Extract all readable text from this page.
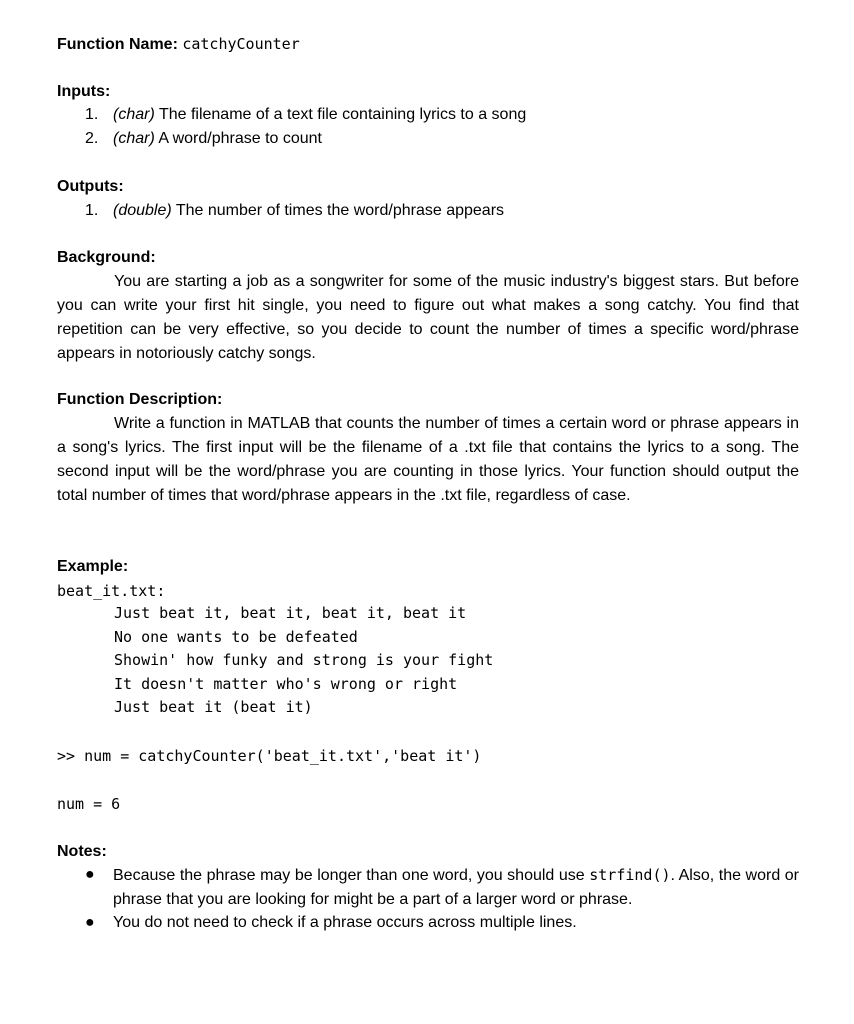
Function Name: catchyCounter
Inputs:
1. (char) The filename of a text file containing lyrics to a song
2. (char) A word/phrase to count
Outputs:
1. (double) The number of times the word/phrase appears
Background:
You are starting a job as a songwriter for some of the music industry's biggest stars. But before you can write your first hit single, you need to figure out what makes a song catchy. You find that repetition can be very effective, so you decide to count the number of times a specific word/phrase appears in notoriously catchy songs.
Function Description:
Write a function in MATLAB that counts the number of times a certain word or phrase appears in a song's lyrics. The first input will be the filename of a .txt file that contains the lyrics to a song. The second input will be the word/phrase you are counting in those lyrics. Your function should output the total number of times that word/phrase appears in the .txt file, regardless of case.
Example:
beat_it.txt:
Just beat it, beat it, beat it, beat it
No one wants to be defeated
Showin' how funky and strong is your fight
It doesn't matter who's wrong or right
Just beat it (beat it)
>> num = catchyCounter('beat_it.txt','beat it')
num = 6
Notes:
●	Because the phrase may be longer than one word, you should use strfind(). Also, the word or phrase that you are looking for might be a part of a larger word or phrase.
●	You do not need to check if a phrase occurs across multiple lines.
